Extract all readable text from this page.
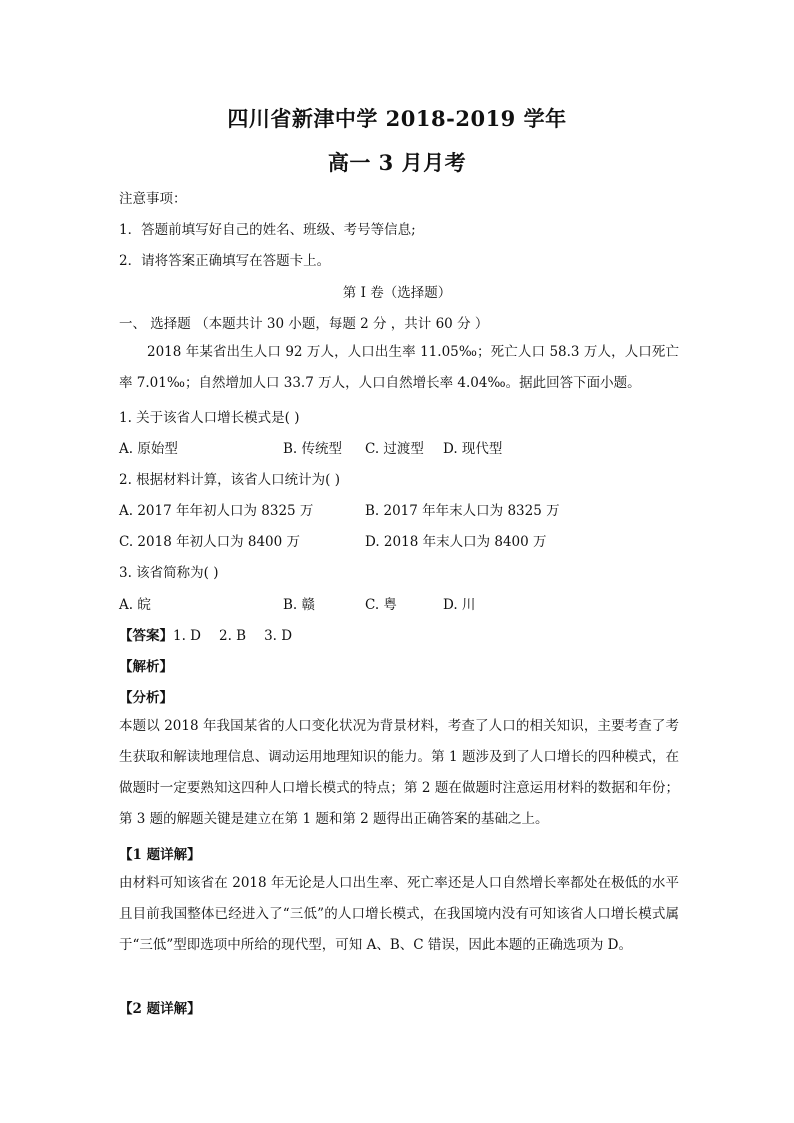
四川省新津中学 2018-2019 学年
高一 3 月月考
注意事项：
1．答题前填写好自己的姓名、班级、考号等信息;
2．请将答案正确填写在答题卡上。
第 I 卷（选择题）
一、 选择题 （本题共计 30 小题，每题 2 分 ，共计 60 分 ）
2018 年某省出生人口 92 万人，人口出生率 11.05‰；死亡人口 58.3 万人，人口死亡率 7.01‰；自然增加人口 33.7 万人，人口自然增长率 4.04‰。据此回答下面小题。
1. 关于该省人口增长模式是( )
A. 原始型	B. 传统型 C. 过渡型 D. 现代型
2. 根据材料计算，该省人口统计为( )
A. 2017 年年初人口为 8325 万	B. 2017 年年末人口为 8325 万
C. 2018 年初人口为 8400 万	D. 2018 年末人口为 8400 万
3. 该省简称为( )
A. 皖	B. 赣	C. 粤	D. 川
【答案】1. D 2. B 3. D
【解析】
【分析】
本题以 2018 年我国某省的人口变化状况为背景材料，考查了人口的相关知识，主要考查了考生获取和解读地理信息、调动运用地理知识的能力。第 1 题涉及到了人口增长的四种模式，在做题时一定要熟知这四种人口增长模式的特点；第 2 题在做题时注意运用材料的数据和年份；第 3 题的解题关键是建立在第 1 题和第 2 题得出正确答案的基础之上。
【1 题详解】
由材料可知该省在 2018 年无论是人口出生率、死亡率还是人口自然增长率都处在极低的水平且目前我国整体已经进入了“三低”的人口增长模式，在我国境内没有可知该省人口增长模式属于“三低”型即选项中所给的现代型，可知 A、B、C 错误，因此本题的正确选项为 D。
【2 题详解】
